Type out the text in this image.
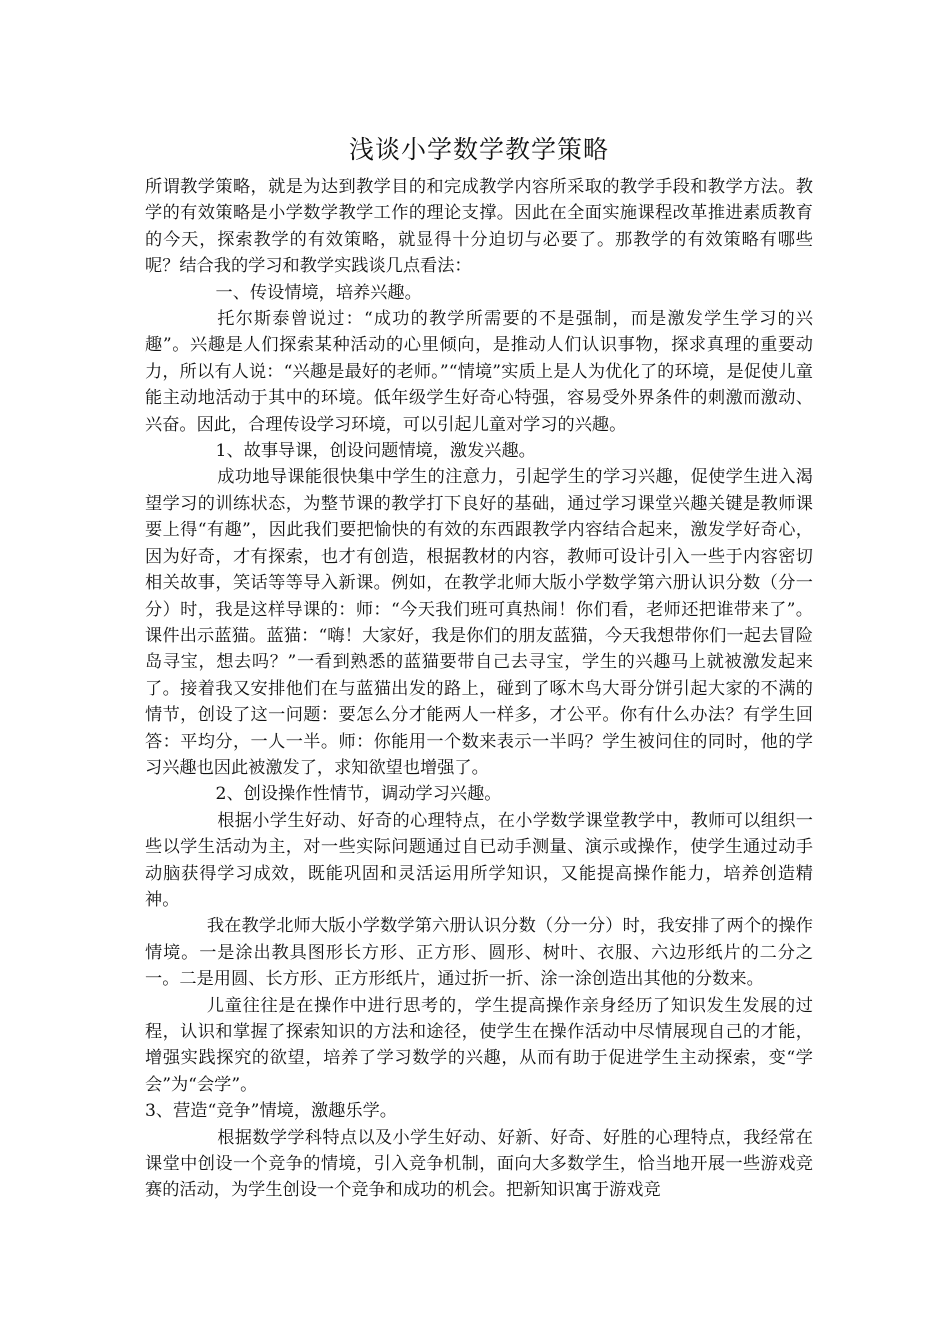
浅谈小学数学教学策略

所谓教学策略，就是为达到教学目的和完成教学内容所采取的教学手段和教学方法。教学的有效策略是小学数学教学工作的理论支撑。因此在全面实施课程改革推进素质教育的今天，探索教学的有效策略，就显得十分迫切与必要了。那教学的有效策略有哪些呢？结合我的学习和教学实践谈几点看法：

一、传设情境，培养兴趣。

托尔斯泰曾说过：“成功的教学所需要的不是强制，而是激发学生学习的兴趣”。兴趣是人们探索某种活动的心里倾向，是推动人们认识事物，探求真理的重要动力，所以有人说：“兴趣是最好的老师。”“情境”实质上是人为优化了的环境，是促使儿童能主动地活动于其中的环境。低年级学生好奇心特强，容易受外界条件的刺激而激动、兴奋。因此，合理传设学习环境，可以引起儿童对学习的兴趣。

1、故事导课，创设问题情境，激发兴趣。

成功地导课能很快集中学生的注意力，引起学生的学习兴趣，促使学生进入渴望学习的训练状态，为整节课的教学打下良好的基础，通过学习课堂兴趣关键是教师课要上得“有趣”，因此我们要把愉快的有效的东西跟教学内容结合起来，激发学好奇心，因为好奇，才有探索，也才有创造，根据教材的内容，教师可设计引入一些于内容密切相关故事，笑话等等导入新课。例如，在教学北师大版小学数学第六册认识分数（分一分）时，我是这样导课的：师：“今天我们班可真热闹！你们看，老师还把谁带来了”。课件出示蓝猫。蓝猫：“嗨！大家好，我是你们的朋友蓝猫，今天我想带你们一起去冒险岛寻宝，想去吗？”一看到熟悉的蓝猫要带自己去寻宝，学生的兴趣马上就被激发起来了。接着我又安排他们在与蓝猫出发的路上，碰到了啄木鸟大哥分饼引起大家的不满的情节，创设了这一问题：要怎么分才能两人一样多，才公平。你有什么办法？有学生回答：平均分，一人一半。师：你能用一个数来表示一半吗？学生被问住的同时，他的学习兴趣也因此被激发了，求知欲望也增强了。

2、创设操作性情节，调动学习兴趣。

根据小学生好动、好奇的心理特点，在小学数学课堂教学中，教师可以组织一些以学生活动为主，对一些实际问题通过自已动手测量、演示或操作，使学生通过动手动脑获得学习成效，既能巩固和灵活运用所学知识，又能提高操作能力，培养创造精神。

我在教学北师大版小学数学第六册认识分数（分一分）时，我安排了两个的操作情境。一是涂出教具图形长方形、正方形、圆形、树叶、衣服、六边形纸片的二分之一。二是用圆、长方形、正方形纸片，通过折一折、涂一涂创造出其他的分数来。

儿童往往是在操作中进行思考的，学生提高操作亲身经历了知识发生发展的过程，认识和掌握了探索知识的方法和途径，使学生在操作活动中尽情展现自己的才能，增强实践探究的欲望，培养了学习数学的兴趣，从而有助于促进学生主动探索，变“学会”为“会学”。

3、营造“竞争”情境，激趣乐学。

根据数学学科特点以及小学生好动、好新、好奇、好胜的心理特点，我经常在课堂中创设一个竞争的情境，引入竞争机制，面向大多数学生，恰当地开展一些游戏竞赛的活动，为学生创设一个竞争和成功的机会。把新知识寓于游戏竞
